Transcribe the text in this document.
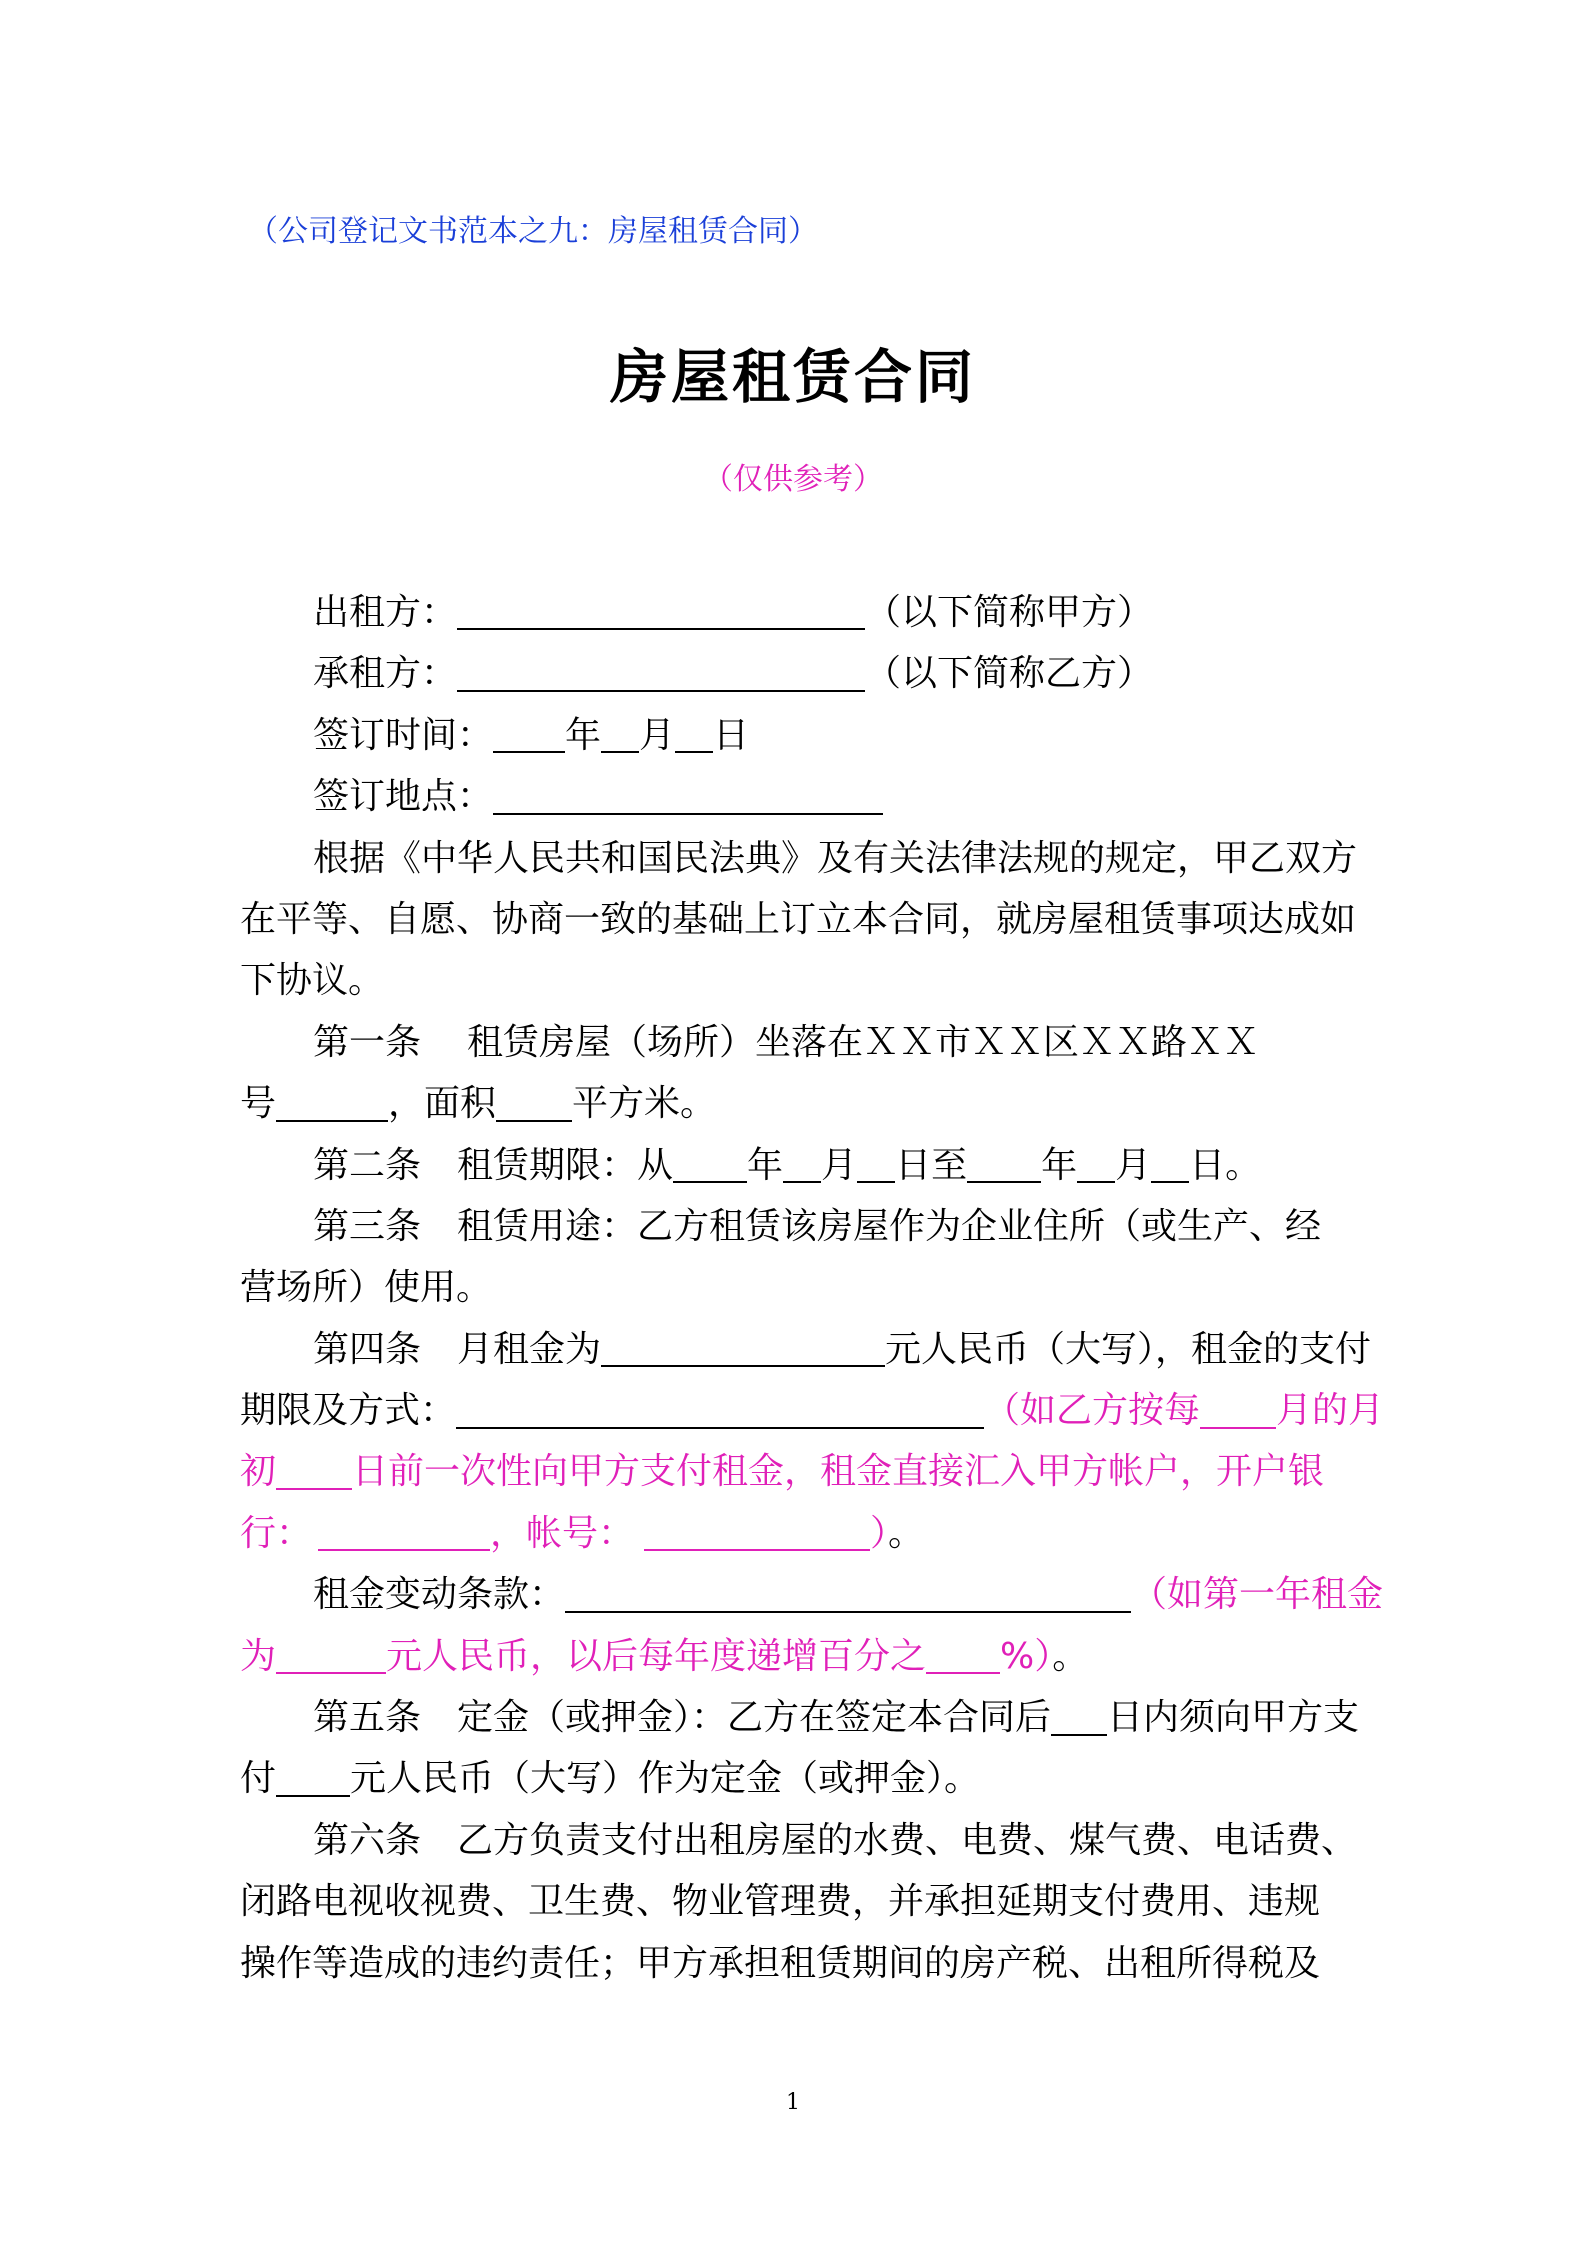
（公司登记文书范本之九：房屋租赁合同）
房屋租赁合同
（仅供参考）
出租方：	（以下简称甲方）
承租方：	（以下简称乙方）
签订时间： 年 月 日
签订地点：
根据《中华人民共和国民法典》及有关法律法规的规定，甲乙双方
在平等、自愿、协商一致的基础上订立本合同，就房屋租赁事项达成如
下协议。
第一条 租赁房屋（场所）坐落在ＸＸ市ＸＸ区ＸＸ路ＸＸ
号	，面积 平方米。
第二条 租赁期限：从 年 月 日至 年 月 日。
第三条 租赁用途：乙方租赁该房屋作为企业住所（或生产、经
营场所）使用。
第四条 月租金为	元人民币（大写），租金的支付
期限及方式：	（如乙方按每 月的月
初 日前一次性向甲方支付租金，租金直接汇入甲方帐户，开户银
行：	，帐号：	）。
租金变动条款：	（如第一年租金
为	元人民币，以后每年度递增百分之 %）。
第五条 定金（或押金）：乙方在签定本合同后 日内须向甲方支
付 元人民币（大写）作为定金（或押金）。
第六条 乙方负责支付出租房屋的水费、电费、煤气费、电话费、
闭路电视收视费、卫生费、物业管理费，并承担延期支付费用、违规
操作等造成的违约责任；甲方承担租赁期间的房产税、出租所得税及
1
